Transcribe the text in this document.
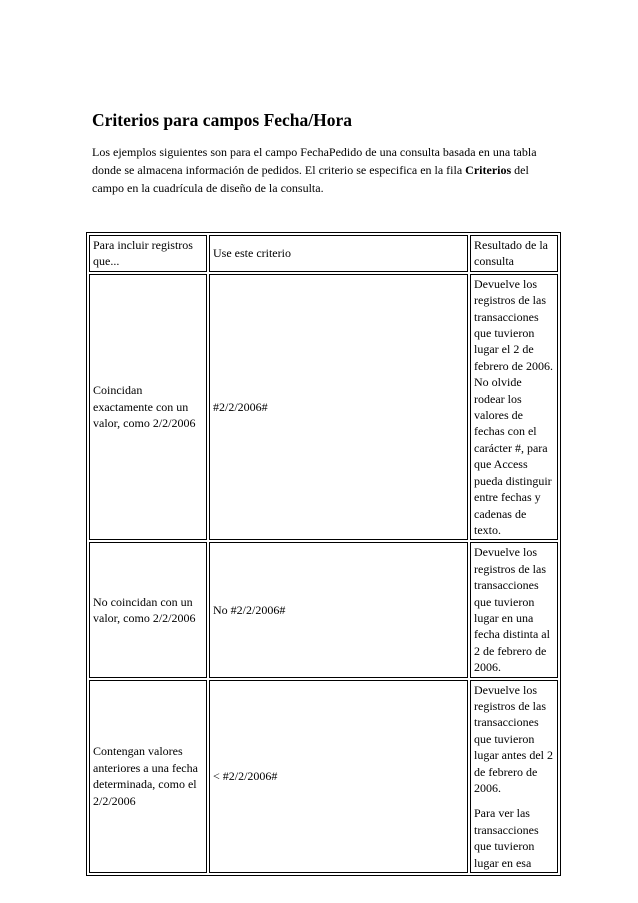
Criterios para campos Fecha/Hora

Los ejemplos siguientes son para el campo FechaPedido de una consulta basada en una tabla donde se almacena información de pedidos. El criterio se especifica en la fila Criterios del campo en la cuadrícula de diseño de la consulta.

Para incluir registros que...	Use este criterio	Resultado de la consulta
Coincidan exactamente con un valor, como 2/2/2006	#2/2/2006#	Devuelve los registros de las transacciones que tuvieron lugar el 2 de febrero de 2006. No olvide rodear los valores de fechas con el carácter #, para que Access pueda distinguir entre fechas y cadenas de texto.
No coincidan con un valor, como 2/2/2006	No #2/2/2006#	Devuelve los registros de las transacciones que tuvieron lugar en una fecha distinta al 2 de febrero de 2006.
Contengan valores anteriores a una fecha determinada, como el 2/2/2006	< #2/2/2006#	Devuelve los registros de las transacciones que tuvieron lugar antes del 2 de febrero de 2006.
Para ver las transacciones que tuvieron lugar en esa
